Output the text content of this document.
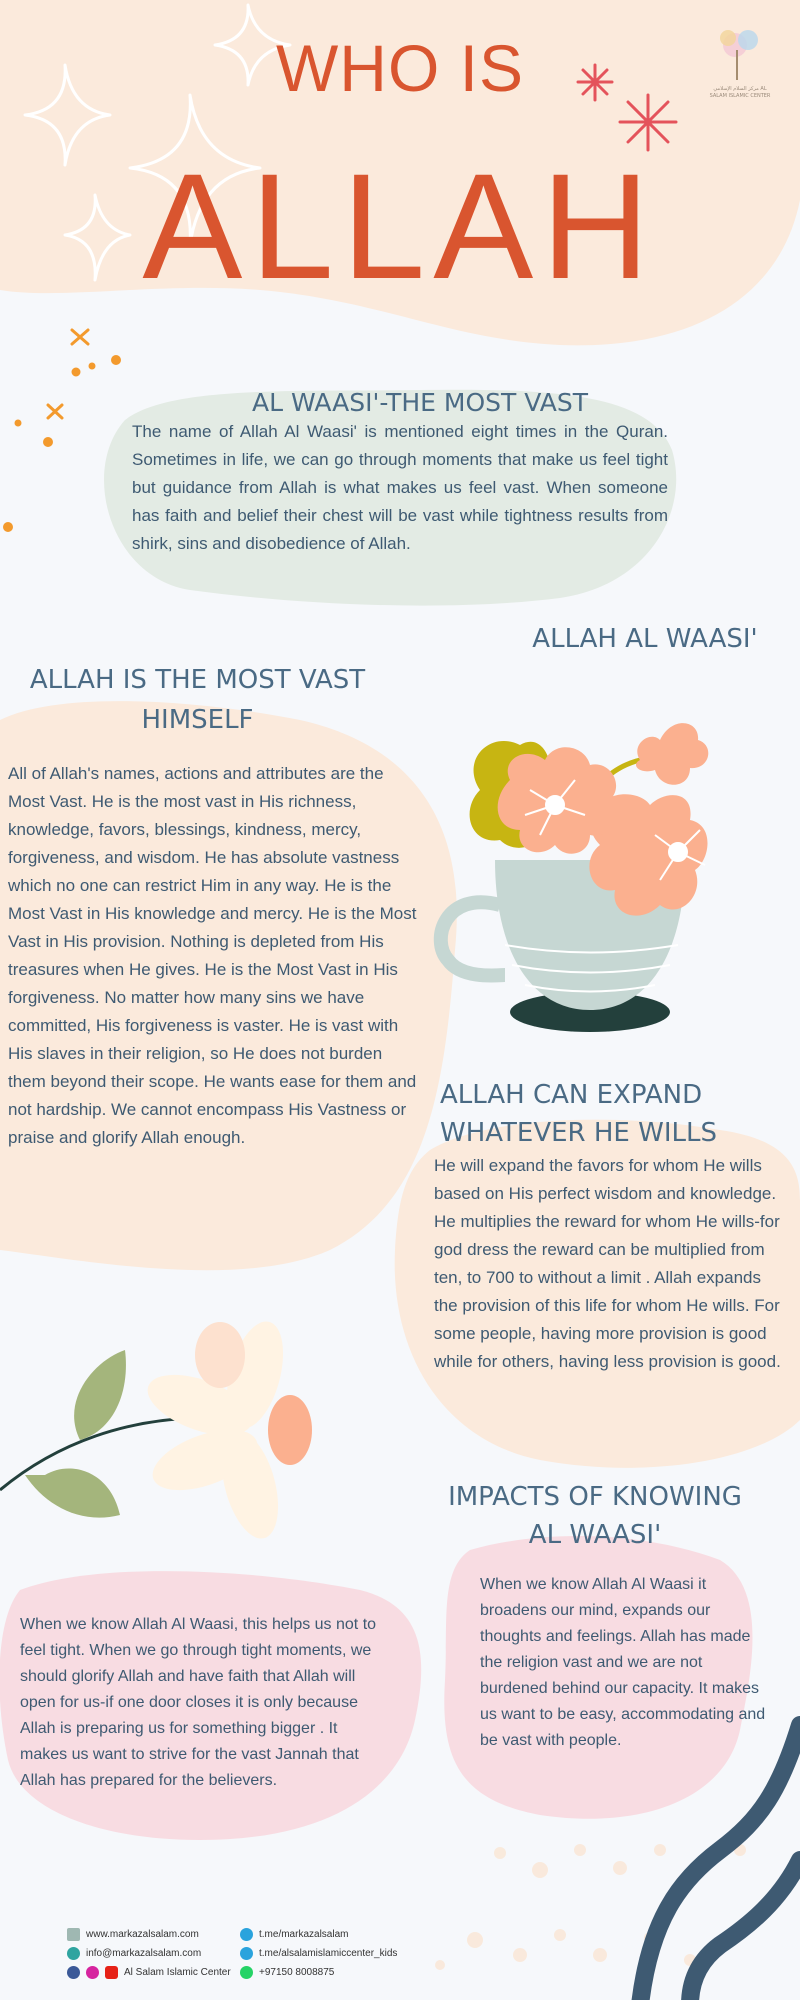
WHO IS
ALLAH
مركز السلام الإسلامي AL SALAM ISLAMIC CENTER
AL WAASI'-THE MOST VAST
The name of Allah Al Waasi' is mentioned eight times in the Quran. Sometimes in life, we can go through moments that make us feel tight but guidance from Allah is what makes us feel vast. When someone has faith and belief their chest will be vast while tightness results from shirk, sins and disobedience of Allah.
ALLAH AL WAASI'
ALLAH IS THE MOST VAST
HIMSELF
All of Allah's names, actions and attributes are the Most Vast. He is the most vast in His richness, knowledge, favors, blessings, kindness, mercy, forgiveness, and wisdom. He has absolute vastness which no one can restrict Him in any way. He is the Most Vast in His knowledge and mercy. He is the Most Vast in His provision. Nothing is depleted from His treasures when He gives. He is the Most Vast in His forgiveness. No matter how many sins we have committed, His forgiveness is vaster. He is vast with His slaves in their religion, so He does not burden them beyond their scope. He wants ease for them and not hardship. We cannot encompass His Vastness or praise and glorify Allah enough.
ALLAH CAN EXPAND
WHATEVER HE WILLS
He will expand the favors for whom He wills based on His perfect wisdom and knowledge. He multiplies the reward for whom He wills-for god dress the reward can be multiplied from ten, to 700 to without a limit . Allah expands the provision of this life for whom He wills. For some people, having more provision is good while for others, having less provision is good.
IMPACTS OF KNOWING
AL WAASI'
When we know Allah Al Waasi it broadens our mind, expands our thoughts and feelings. Allah has made the religion vast and we are not burdened behind our capacity. It makes us want to be easy, accommodating and be vast with people.
When we know Allah Al Waasi, this helps us not to feel tight. When we go through tight moments, we should glorify Allah and have faith that Allah will open for us-if one door closes it is only because Allah is preparing us for something bigger . It makes us want to strive for the vast Jannah that Allah has prepared for the believers.
www.markazalsalam.com
info@markazalsalam.com
Al Salam Islamic Center
t.me/markazalsalam
t.me/alsalamislamiccenter_kids
+97150 8008875
